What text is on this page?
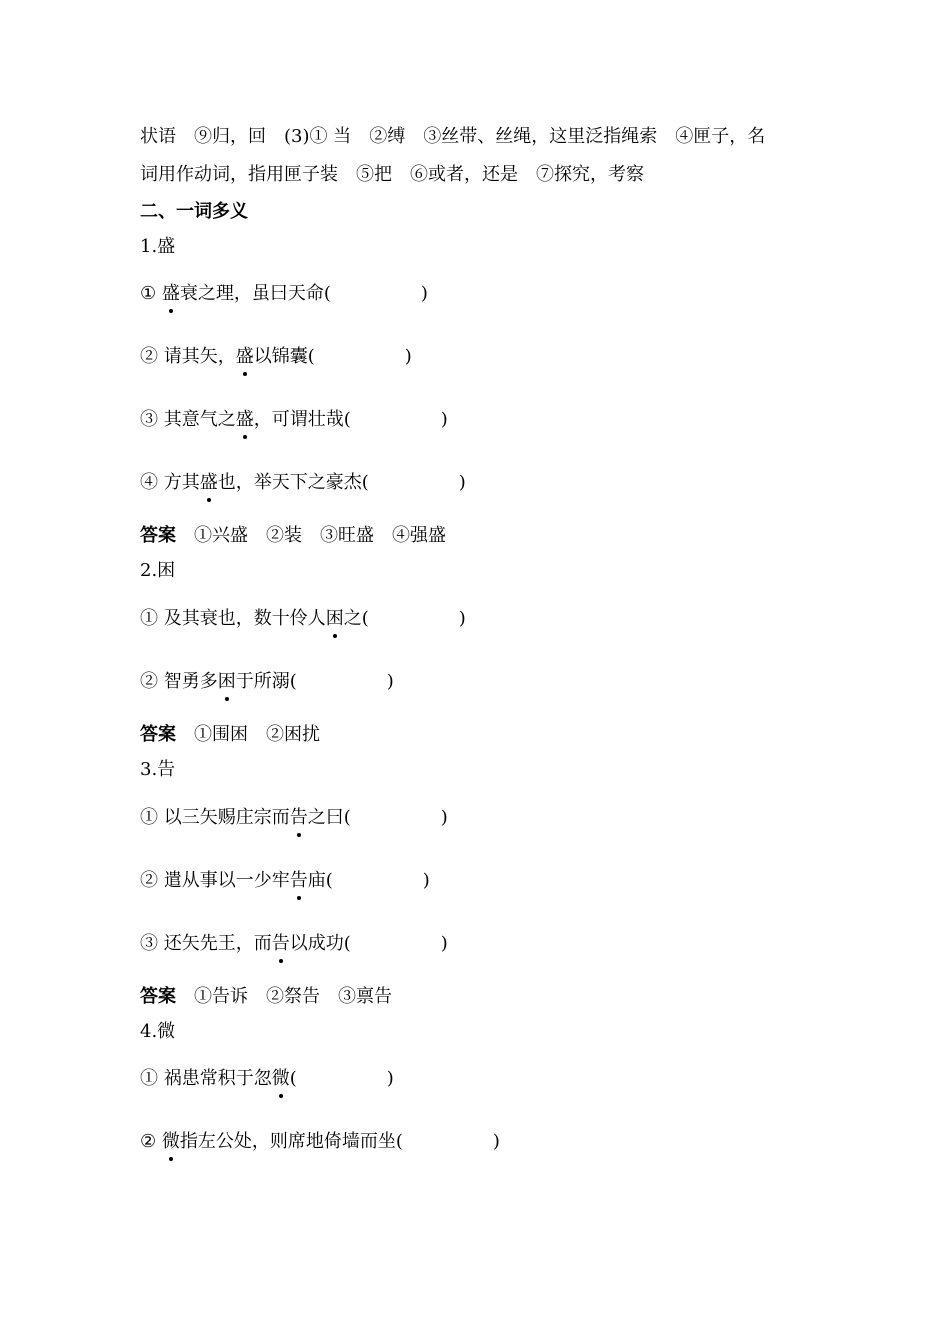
状语　⑨归，回　(3)① 当　②缚　③丝带、丝绳，这里泛指绳索　④匣子，名
词用作动词，指用匣子装　⑤把　⑥或者，还是　⑦探究，考察
二、一词多义
1.盛
① 盛衰之理，虽曰天命(	)
② 请其矢，盛以锦囊(	)
③ 其意气之盛，可谓壮哉(	)
④ 方其盛也，举天下之豪杰(	)
答案　①兴盛　②装　③旺盛　④强盛
2.困
① 及其衰也，数十伶人困之(	)
② 智勇多困于所溺(	)
答案　①围困　②困扰
3.告
① 以三矢赐庄宗而告之曰(	)
② 遣从事以一少牢告庙(	)
③ 还矢先王，而告以成功(	)
答案　①告诉　②祭告　③禀告
4.微
① 祸患常积于忽微(	)
② 微指左公处，则席地倚墙而坐(	)
